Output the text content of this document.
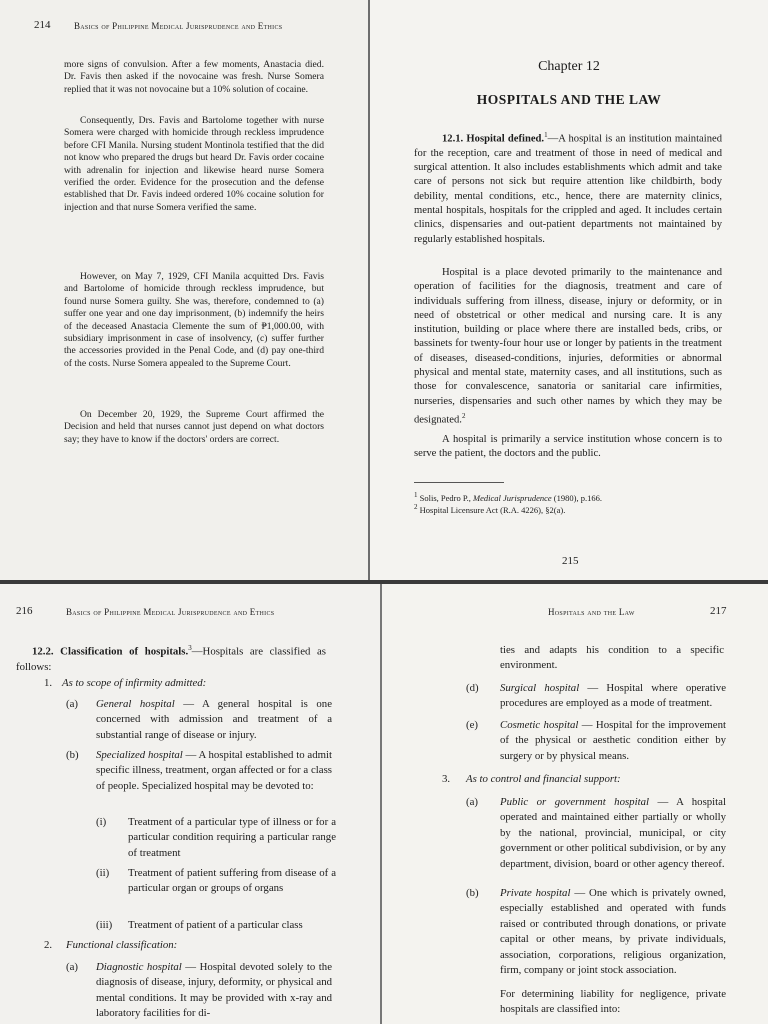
214	Basics of Philippine Medical Jurisprudence and Ethics

more signs of convulsion. After a few moments, Anastacia died. Dr. Favis then asked if the novocaine was fresh. Nurse Somera replied that it was not novocaine but a 10% solution of cocaine.

Consequently, Drs. Favis and Bartolome together with nurse Somera were charged with homicide through reckless imprudence before CFI Manila. Nursing student Montinola testified that the did not know who prepared the drugs but heard Dr. Favis order cocaine with adrenalin for injection and likewise heard nurse Somera verified the order. Evidence for the prosecution and the defense established that Dr. Favis indeed ordered 10% cocaine solution for injection and that nurse Somera verified the same.

However, on May 7, 1929, CFI Manila acquitted Drs. Favis and Bartolome of homicide through reckless imprudence, but found nurse Somera guilty. She was, therefore, condemned to (a) suffer one year and one day imprisonment, (b) indemnify the heirs of the deceased Anastacia Clemente the sum of ₱1,000.00, with subsidiary imprisonment in case of insolvency, (c) suffer further the accessories provided in the Penal Code, and (d) pay one-third of the costs. Nurse Somera appealed to the Supreme Court.

On December 20, 1929, the Supreme Court affirmed the Decision and held that nurses cannot just depend on what doctors say; they have to know if the doctors' orders are correct.

Chapter 12
HOSPITALS AND THE LAW

12.1. Hospital defined.$^1$—A hospital is an institution maintained for the reception, care and treatment of those in need of medical and surgical attention. It also includes establishments which admit and take care of persons not sick but require attention like childbirth, body debility, mental conditions, etc., hence, there are maternity clinics, mental hospitals, hospitals for the crippled and aged. It includes certain clinics, dispensaries and out-patient departments not maintained by regularly established hospitals.

Hospital is a place devoted primarily to the maintenance and operation of facilities for the diagnosis, treatment and care of individuals suffering from illness, disease, injury or deformity, or in need of obstetrical or other medical and nursing care. It is any institution, building or place where there are installed beds, cribs, or bassinets for twenty-four hour use or longer by patients in the treatment of diseases, diseased-conditions, injuries, deformities or abnormal physical and mental state, maternity cases, and all institutions, such as those for convalescence, sanatoria or sanitarial care infirmities, nurseries, dispensaries and such other names by which they may be designated.$^2$

A hospital is primarily a service institution whose concern is to serve the patient, the doctors and the public.

$^1$ Solis, Pedro P., Medical Jurisprudence (1980), p.166.
$^2$ Hospital Licensure Act (R.A. 4226), §2(a).
215
216	Basics of Philippine Medical Jurisprudence and Ethics

12.2. Classification of hospitals.$^3$—Hospitals are classified as follows:

1. As to scope of infirmity admitted:
(a) General hospital — A general hospital is one concerned with admission and treatment of a substantial range of disease or injury.
(b) Specialized hospital — A hospital established to admit specific illness, treatment, organ affected or for a class of people. Specialized hospital may be devoted to:
(i) Treatment of a particular type of illness or for a particular condition requiring a particular range of treatment
(ii) Treatment of patient suffering from disease of a particular organ or groups of organs
(iii) Treatment of patient of a particular class
2. Functional classification:
(a) Diagnostic hospital — Hospital devoted solely to the diagnosis of disease, injury, deformity, or physical and mental conditions. It may be provided with x-ray and laboratory facilities for di-
Hospitals and the Law	217
ties and adapts his condition to a specific environment.
(d) Surgical hospital — Hospital where operative procedures are employed as a mode of treatment.
(e) Cosmetic hospital — Hospital for the improvement of the physical or aesthetic condition either by surgery or by physical means.
3. As to control and financial support:
(a) Public or government hospital — A hospital operated and maintained either partially or wholly by the national, provincial, municipal, or city government or other political subdivision, or by any department, division, board or other agency thereof.
(b) Private hospital — One which is privately owned, especially established and operated with funds raised or contributed through donations, or private capital or other means, by private individuals, association, corporations, religious organization, firm, company or joint stock association.
For determining liability for negligence, private hospitals are classified into:
